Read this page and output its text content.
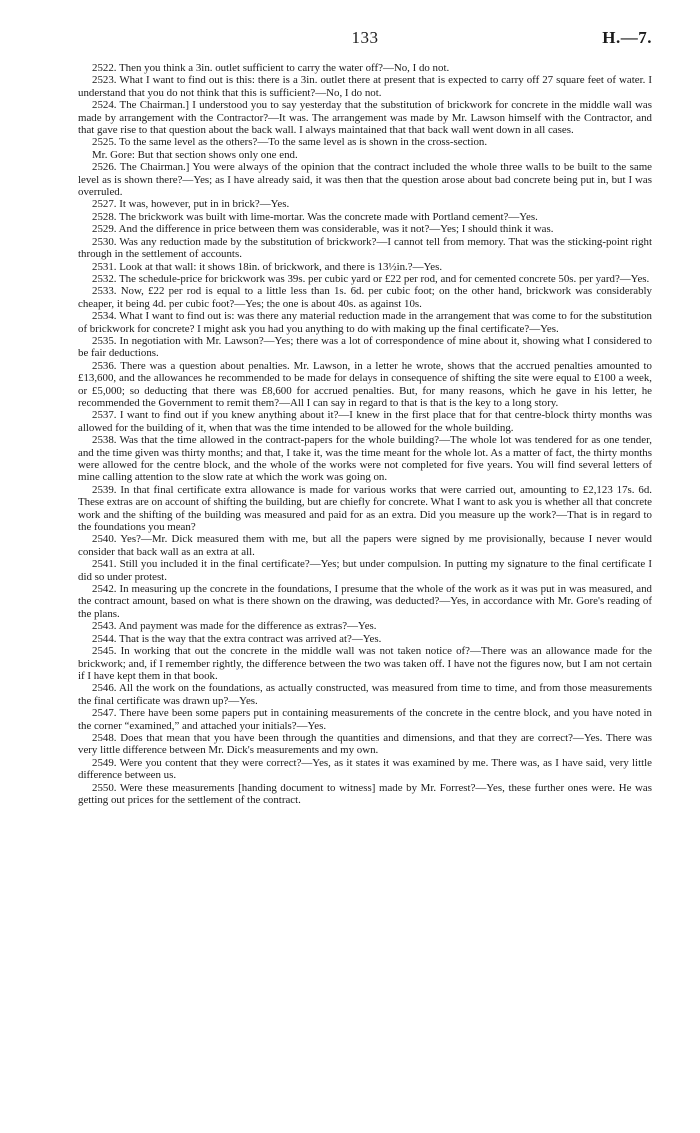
133	H.—7.

2522. Then you think a 3in. outlet sufficient to carry the water off?—No, I do not.

2523. What I want to find out is this: there is a 3in. outlet there at present that is expected to carry off 27 square feet of water. I understand that you do not think that this is sufficient?—No, I do not.

2524. The Chairman.] I understood you to say yesterday that the substitution of brickwork for concrete in the middle wall was made by arrangement with the Contractor?—It was. The arrangement was made by Mr. Lawson himself with the Contractor, and that gave rise to that question about the back wall. I always maintained that that back wall went down in all cases.

2525. To the same level as the others?—To the same level as is shown in the cross-section.

Mr. Gore: But that section shows only one end.

2526. The Chairman.] You were always of the opinion that the contract included the whole three walls to be built to the same level as is shown there?—Yes; as I have already said, it was then that the question arose about bad concrete being put in, but I was overruled.

2527. It was, however, put in in brick?—Yes.

2528. The brickwork was built with lime-mortar. Was the concrete made with Portland cement?—Yes.

2529. And the difference in price between them was considerable, was it not?—Yes; I should think it was.

2530. Was any reduction made by the substitution of brickwork?—I cannot tell from memory. That was the sticking-point right through in the settlement of accounts.

2531. Look at that wall: it shows 18in. of brickwork, and there is 13½in.?—Yes.

2532. The schedule-price for brickwork was 39s. per cubic yard or £22 per rod, and for cemented concrete 50s. per yard?—Yes.

2533. Now, £22 per rod is equal to a little less than 1s. 6d. per cubic foot; on the other hand, brickwork was considerably cheaper, it being 4d. per cubic foot?—Yes; the one is about 40s. as against 10s.

2534. What I want to find out is: was there any material reduction made in the arrangement that was come to for the substitution of brickwork for concrete? I might ask you had you anything to do with making up the final certificate?—Yes.

2535. In negotiation with Mr. Lawson?—Yes; there was a lot of correspondence of mine about it, showing what I considered to be fair deductions.

2536. There was a question about penalties. Mr. Lawson, in a letter he wrote, shows that the accrued penalties amounted to £13,600, and the allowances he recommended to be made for delays in consequence of shifting the site were equal to £100 a week, or £5,000; so deducting that there was £8,600 for accrued penalties. But, for many reasons, which he gave in his letter, he recommended the Government to remit them?—All I can say in regard to that is that is the key to a long story.

2537. I want to find out if you knew anything about it?—I knew in the first place that for that centre-block thirty months was allowed for the building of it, when that was the time intended to be allowed for the whole building.

2538. Was that the time allowed in the contract-papers for the whole building?—The whole lot was tendered for as one tender, and the time given was thirty months; and that, I take it, was the time meant for the whole lot. As a matter of fact, the thirty months were allowed for the centre block, and the whole of the works were not completed for five years. You will find several letters of mine calling attention to the slow rate at which the work was going on.

2539. In that final certificate extra allowance is made for various works that were carried out, amounting to £2,123 17s. 6d. These extras are on account of shifting the building, but are chiefly for concrete. What I want to ask you is whether all that concrete work and the shifting of the building was measured and paid for as an extra. Did you measure up the work?—That is in regard to the foundations you mean?

2540. Yes?—Mr. Dick measured them with me, but all the papers were signed by me provisionally, because I never would consider that back wall as an extra at all.

2541. Still you included it in the final certificate?—Yes; but under compulsion. In putting my signature to the final certificate I did so under protest.

2542. In measuring up the concrete in the foundations, I presume that the whole of the work as it was put in was measured, and the contract amount, based on what is there shown on the drawing, was deducted?—Yes, in accordance with Mr. Gore's reading of the plans.

2543. And payment was made for the difference as extras?—Yes.

2544. That is the way that the extra contract was arrived at?—Yes.

2545. In working that out the concrete in the middle wall was not taken notice of?—There was an allowance made for the brickwork; and, if I remember rightly, the difference between the two was taken off. I have not the figures now, but I am not certain if I have kept them in that book.

2546. All the work on the foundations, as actually constructed, was measured from time to time, and from those measurements the final certificate was drawn up?—Yes.

2547. There have been some papers put in containing measurements of the concrete in the centre block, and you have noted in the corner “examined,” and attached your initials?—Yes.

2548. Does that mean that you have been through the quantities and dimensions, and that they are correct?—Yes. There was very little difference between Mr. Dick's measurements and my own.

2549. Were you content that they were correct?—Yes, as it states it was examined by me. There was, as I have said, very little difference between us.

2550. Were these measurements [handing document to witness] made by Mr. Forrest?—Yes, these further ones were. He was getting out prices for the settlement of the contract.
